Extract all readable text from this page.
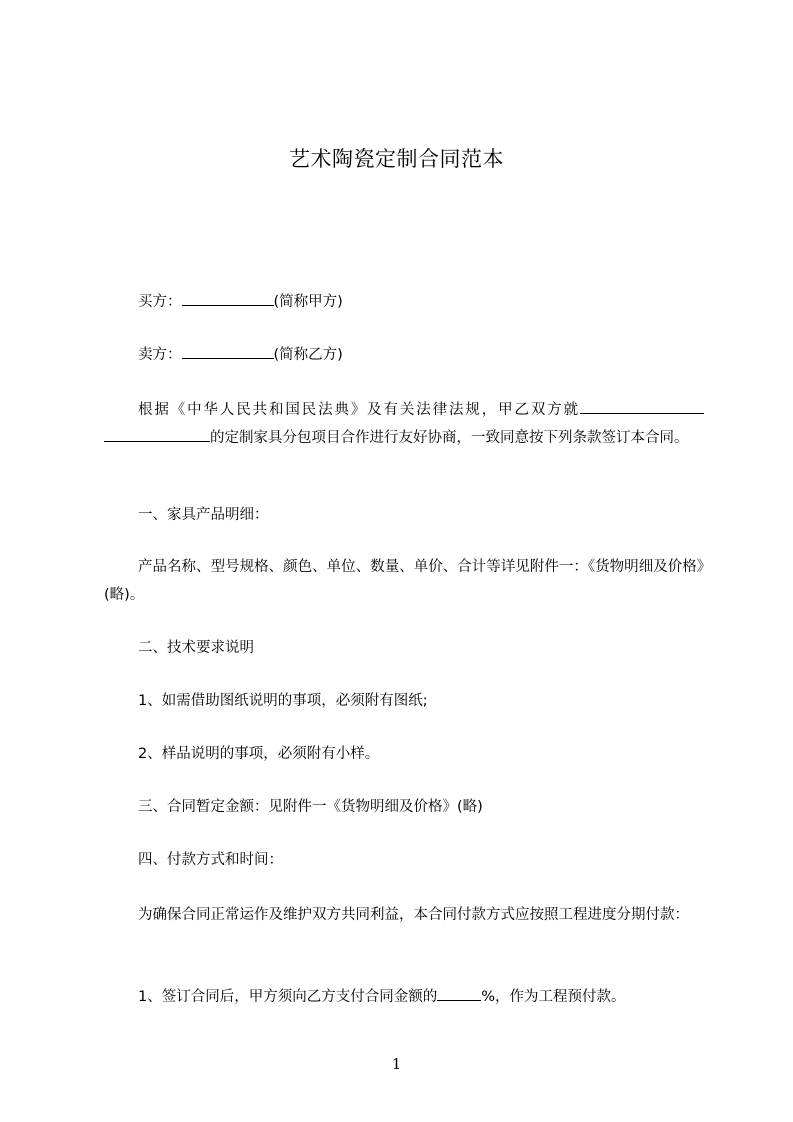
艺术陶瓷定制合同范本
买方：	(简称甲方)
卖方：	(简称乙方)
根据《中华人民共和国民法典》及有关法律法规，甲乙双方就的定制家具分包项目合作进行友好协商，一致同意按下列条款签订本合同。
一、家具产品明细：
产品名称、型号规格、颜色、单位、数量、单价、合计等详见附件一：《货物明细及价格》(略)。
二、技术要求说明
1、如需借助图纸说明的事项，必须附有图纸;
2、样品说明的事项，必须附有小样。
三、合同暂定金额：见附件一《货物明细及价格》(略)
四、付款方式和时间：
为确保合同正常运作及维护双方共同利益，本合同付款方式应按照工程进度分期付款：
1、签订合同后，甲方须向乙方支付合同金额的	%，作为工程预付款。
1
